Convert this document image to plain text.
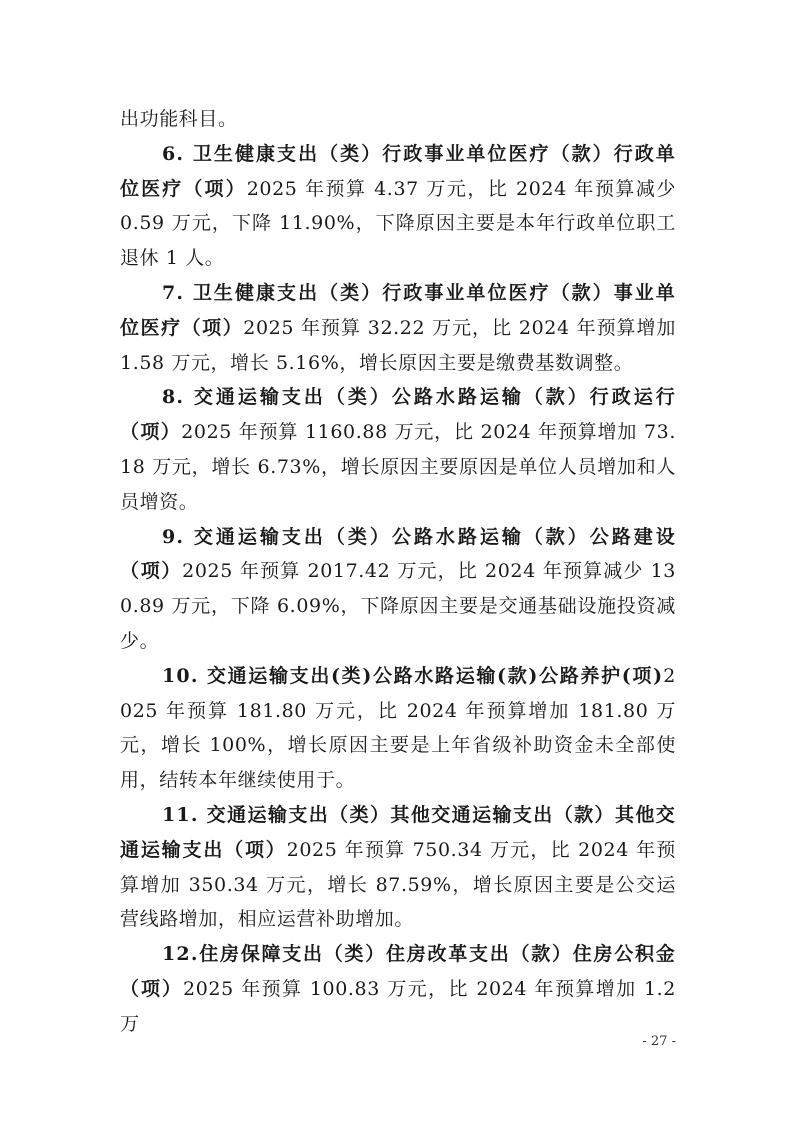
出功能科目。

6. 卫生健康支出（类）行政事业单位医疗（款）行政单位医疗（项）2025 年预算 4.37 万元，比 2024 年预算减少 0.59 万元，下降 11.90%，下降原因主要是本年行政单位职工退休 1 人。

7. 卫生健康支出（类）行政事业单位医疗（款）事业单位医疗（项）2025 年预算 32.22 万元，比 2024 年预算增加 1.58 万元，增长 5.16%，增长原因主要是缴费基数调整。

8. 交通运输支出（类）公路水路运输（款）行政运行（项）2025 年预算 1160.88 万元，比 2024 年预算增加 73.18 万元，增长 6.73%，增长原因主要原因是单位人员增加和人员增资。

9. 交通运输支出（类）公路水路运输（款）公路建设（项）2025 年预算 2017.42 万元，比 2024 年预算减少 130.89 万元，下降 6.09%，下降原因主要是交通基础设施投资减少。

10. 交通运输支出(类)公路水路运输(款)公路养护(项)2025 年预算 181.80 万元，比 2024 年预算增加 181.80 万元，增长 100%，增长原因主要是上年省级补助资金未全部使用，结转本年继续使用于。

11. 交通运输支出（类）其他交通运输支出（款）其他交通运输支出（项）2025 年预算 750.34 万元，比 2024 年预算增加 350.34 万元，增长 87.59%，增长原因主要是公交运营线路增加，相应运营补助增加。

12.住房保障支出（类）住房改革支出（款）住房公积金（项）2025 年预算 100.83 万元，比 2024 年预算增加 1.2 万

- 27 -
